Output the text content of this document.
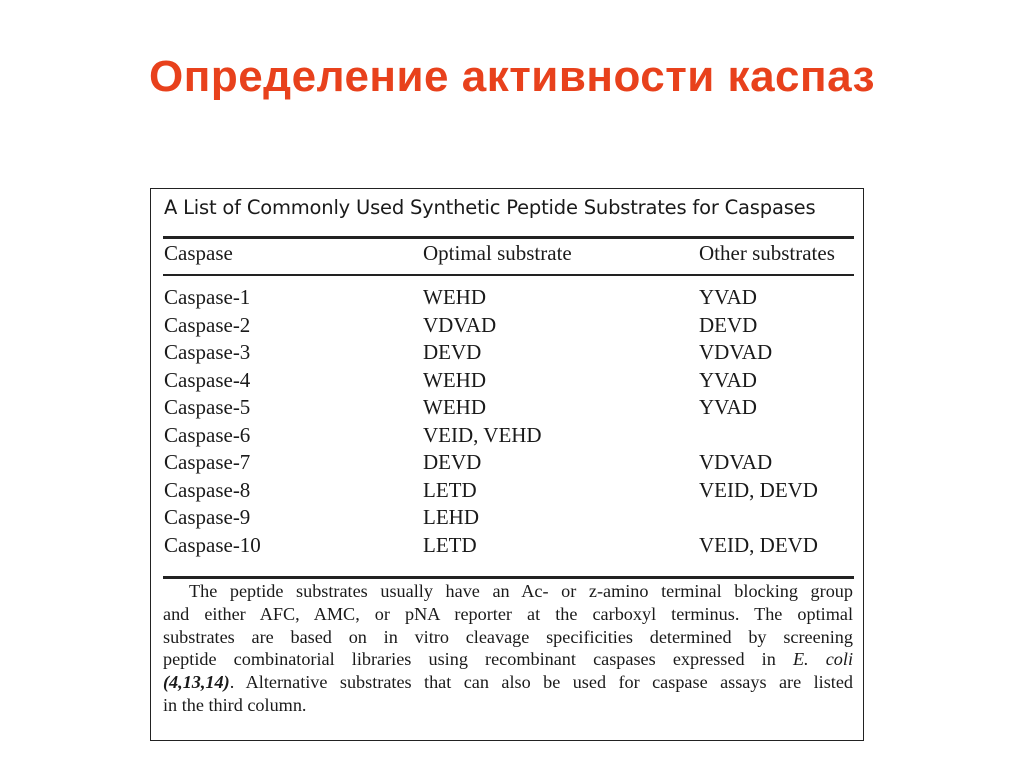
Определение активности каспаз
A List of Commonly Used Synthetic Peptide Substrates for Caspases
Caspase	Optimal substrate	Other substrates
Caspase-1	WEHD	YVAD
Caspase-2	VDVAD	DEVD
Caspase-3	DEVD	VDVAD
Caspase-4	WEHD	YVAD
Caspase-5	WEHD	YVAD
Caspase-6	VEID, VEHD
Caspase-7	DEVD	VDVAD
Caspase-8	LETD	VEID, DEVD
Caspase-9	LEHD
Caspase-10	LETD	VEID, DEVD
The peptide substrates usually have an Ac- or z-amino terminal blocking group
and either AFC, AMC, or pNA reporter at the carboxyl terminus. The optimal
substrates are based on in vitro cleavage specificities determined by screening
peptide combinatorial libraries using recombinant caspases expressed in E. coli
(4,13,14). Alternative substrates that can also be used for caspase assays are listed
in the third column.
